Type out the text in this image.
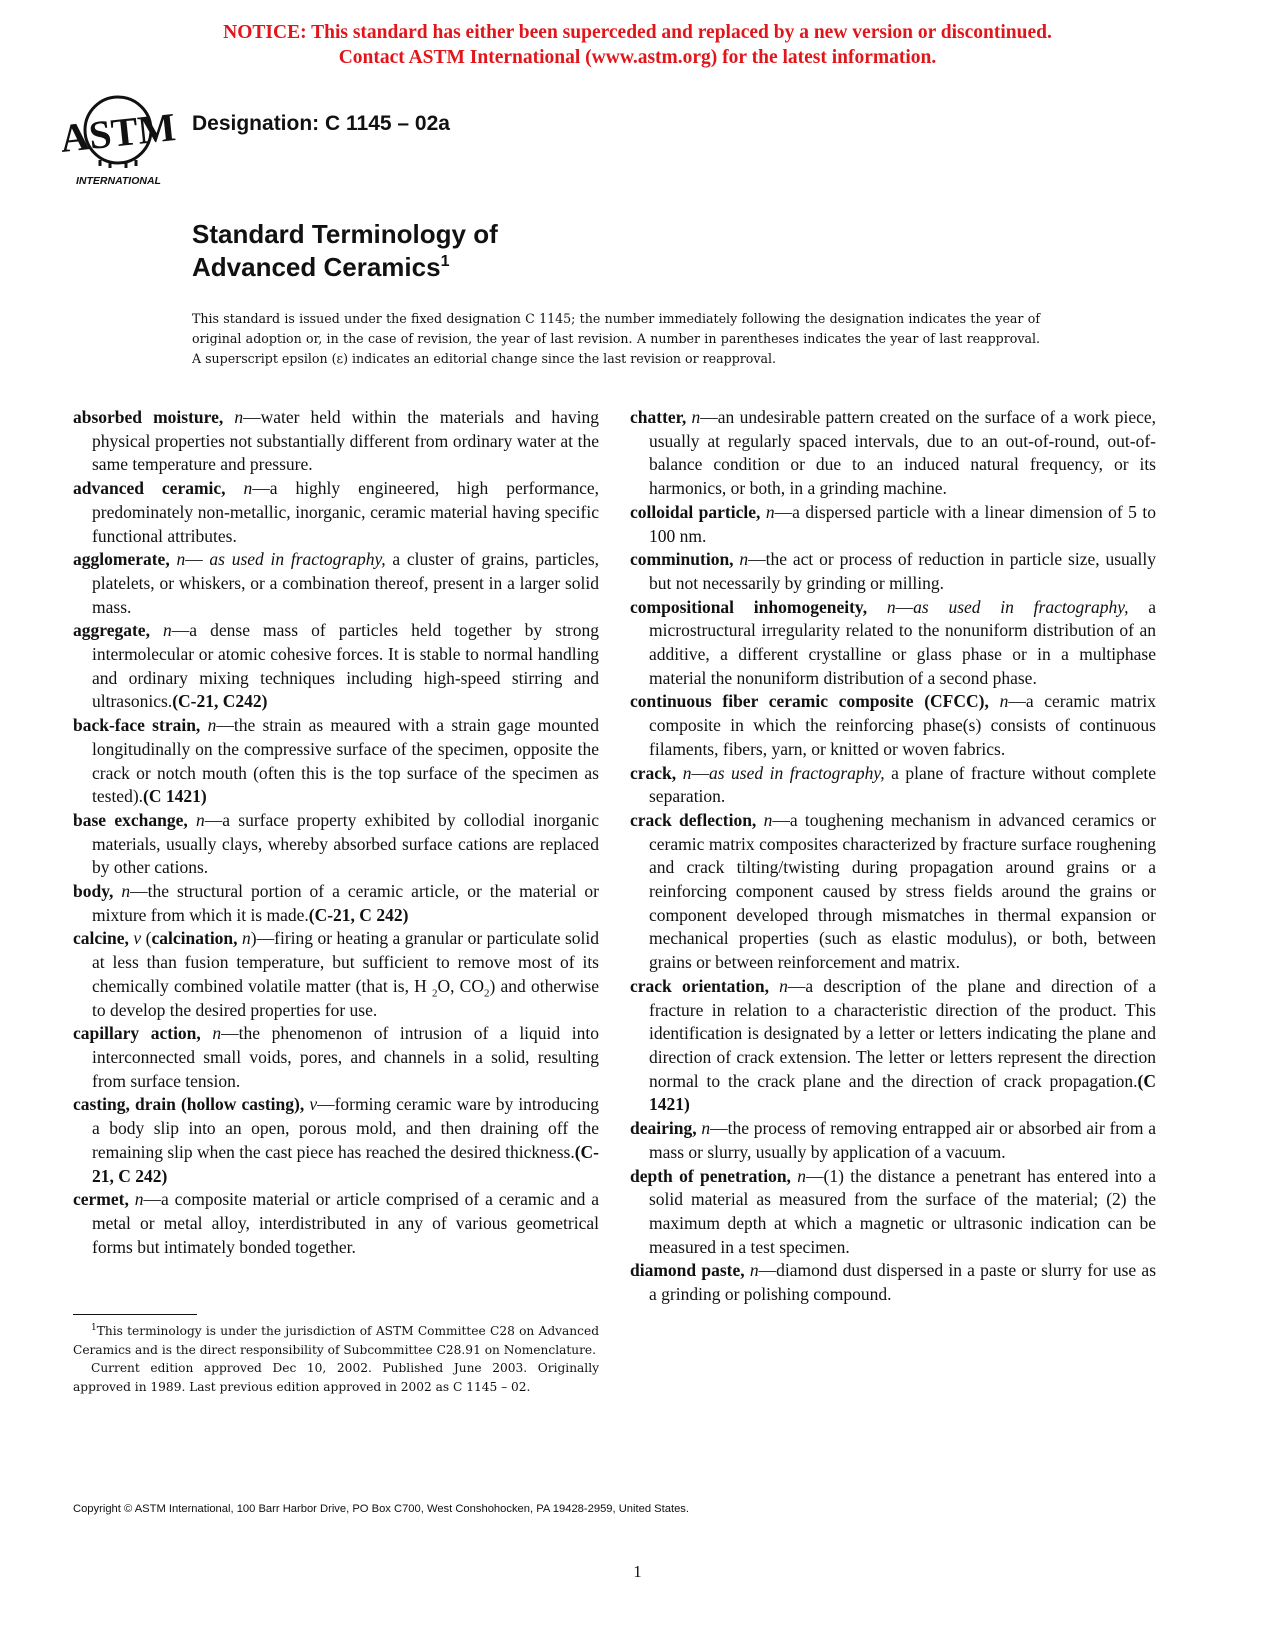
NOTICE: This standard has either been superceded and replaced by a new version or discontinued.
Contact ASTM International (www.astm.org) for the latest information.
ASTM
INTERNATIONAL
Designation: C 1145 – 02a
Standard Terminology of
Advanced Ceramics$^1$
This standard is issued under the fixed designation C 1145; the number immediately following the designation indicates the year of original adoption or, in the case of revision, the year of last revision. A number in parentheses indicates the year of last reapproval. A superscript epsilon (ε) indicates an editorial change since the last revision or reapproval.

absorbed moisture, n—water held within the materials and having physical properties not substantially different from ordinary water at the same temperature and pressure.

advanced ceramic, n—a highly engineered, high performance, predominately non-metallic, inorganic, ceramic material having specific functional attributes.

agglomerate, n— as used in fractography, a cluster of grains, particles, platelets, or whiskers, or a combination thereof, present in a larger solid mass.

aggregate, n—a dense mass of particles held together by strong intermolecular or atomic cohesive forces. It is stable to normal handling and ordinary mixing techniques including high-speed stirring and ultrasonics.(C-21, C242)

back-face strain, n—the strain as meaured with a strain gage mounted longitudinally on the compressive surface of the specimen, opposite the crack or notch mouth (often this is the top surface of the specimen as tested).(C 1421)

base exchange, n—a surface property exhibited by collodial inorganic materials, usually clays, whereby absorbed surface cations are replaced by other cations.

body, n—the structural portion of a ceramic article, or the material or mixture from which it is made.(C-21, C 242)

calcine, v (calcination, n)—firing or heating a granular or particulate solid at less than fusion temperature, but sufficient to remove most of its chemically combined volatile matter (that is, H $_2$O, $CO_2$) and otherwise to develop the desired properties for use.

capillary action, n—the phenomenon of intrusion of a liquid into interconnected small voids, pores, and channels in a solid, resulting from surface tension.

casting, drain (hollow casting), v—forming ceramic ware by introducing a body slip into an open, porous mold, and then draining off the remaining slip when the cast piece has reached the desired thickness.(C-21, C 242)

cermet, n—a composite material or article comprised of a ceramic and a metal or metal alloy, interdistributed in any of various geometrical forms but intimately bonded together.

chatter, n—an undesirable pattern created on the surface of a work piece, usually at regularly spaced intervals, due to an out-of-round, out-of-balance condition or due to an induced natural frequency, or its harmonics, or both, in a grinding machine.

colloidal particle, n—a dispersed particle with a linear dimension of 5 to 100 nm.

comminution, n—the act or process of reduction in particle size, usually but not necessarily by grinding or milling.

compositional inhomogeneity, n—as used in fractography, a microstructural irregularity related to the nonuniform distribution of an additive, a different crystalline or glass phase or in a multiphase material the nonuniform distribution of a second phase.

continuous fiber ceramic composite (CFCC), n—a ceramic matrix composite in which the reinforcing phase(s) consists of continuous filaments, fibers, yarn, or knitted or woven fabrics.

crack, n—as used in fractography, a plane of fracture without complete separation.

crack deflection, n—a toughening mechanism in advanced ceramics or ceramic matrix composites characterized by fracture surface roughening and crack tilting/twisting during propagation around grains or a reinforcing component caused by stress fields around the grains or component developed through mismatches in thermal expansion or mechanical properties (such as elastic modulus), or both, between grains or between reinforcement and matrix.

crack orientation, n—a description of the plane and direction of a fracture in relation to a characteristic direction of the product. This identification is designated by a letter or letters indicating the plane and direction of crack extension. The letter or letters represent the direction normal to the crack plane and the direction of crack propagation.(C 1421)

deairing, n—the process of removing entrapped air or absorbed air from a mass or slurry, usually by application of a vacuum.

depth of penetration, n—(1) the distance a penetrant has entered into a solid material as measured from the surface of the material; (2) the maximum depth at which a magnetic or ultrasonic indication can be measured in a test specimen.

diamond paste, n—diamond dust dispersed in a paste or slurry for use as a grinding or polishing compound.

$^1$This terminology is under the jurisdiction of ASTM Committee C28 on Advanced Ceramics and is the direct responsibility of Subcommittee C28.91 on Nomenclature.

Current edition approved Dec 10, 2002. Published June 2003. Originally approved in 1989. Last previous edition approved in 2002 as C 1145 – 02.

Copyright © ASTM International, 100 Barr Harbor Drive, PO Box C700, West Conshohocken, PA 19428-2959, United States.
1
